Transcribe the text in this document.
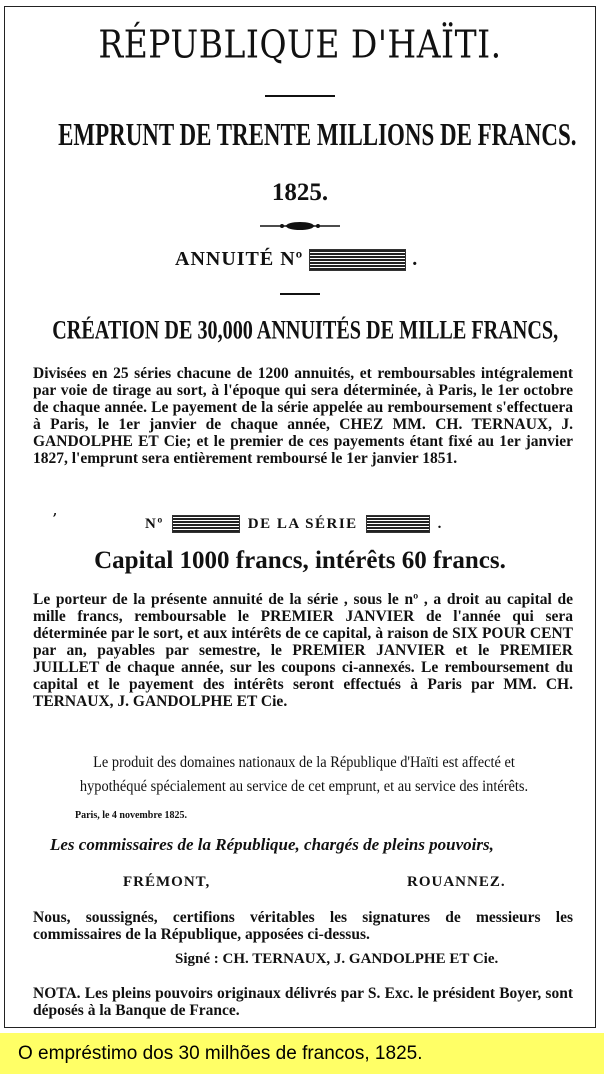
RÉPUBLIQUE D'HAÏTI.
EMPRUNT DE TRENTE MILLIONS DE FRANCS.
1825.
ANNUITÉ Nº	.
CRÉATION DE 30,000 ANNUITÉS DE MILLE FRANCS,
Divisées en 25 séries chacune de 1200 annuités, et remboursables intégralement par voie de tirage au sort, à l'époque qui sera déterminée, à Paris, le 1er octobre de chaque année. Le payement de la série appelée au remboursement s'effectuera à Paris, le 1er janvier de chaque année, CHEZ MM. CH. TERNAUX, J. GANDOLPHE ET Cie; et le premier de ces payements étant fixé au 1er janvier 1827, l'emprunt sera entièrement remboursé le 1er janvier 1851.
,
Nº	DE LA SÉRIE	.
Capital 1000 francs, intérêts 60 francs.
Le porteur de la présente annuité de la série , sous le nº , a droit au capital de mille francs, remboursable le PREMIER JANVIER de l'année qui sera déterminée par le sort, et aux intérêts de ce capital, à raison de SIX POUR CENT par an, payables par semestre, le PREMIER JANVIER et le PREMIER JUILLET de chaque année, sur les coupons ci-annexés. Le remboursement du capital et le payement des intérêts seront effectués à Paris par MM. CH. TERNAUX, J. GANDOLPHE ET Cie.
Le produit des domaines nationaux de la République d'Haïti est affecté et hypothéqué spécialement au service de cet emprunt, et au service des intérêts.
Paris, le 4 novembre 1825.
Les commissaires de la République, chargés de pleins pouvoirs,
FRÉMONT,	ROUANNEZ.
Nous, soussignés, certifions véritables les signatures de messieurs les commissaires de la République, apposées ci-dessus.
Signé : CH. TERNAUX, J. GANDOLPHE ET Cie.
NOTA. Les pleins pouvoirs originaux délivrés par S. Exc. le président Boyer, sont déposés à la Banque de France.
O empréstimo dos 30 milhões de francos, 1825.
